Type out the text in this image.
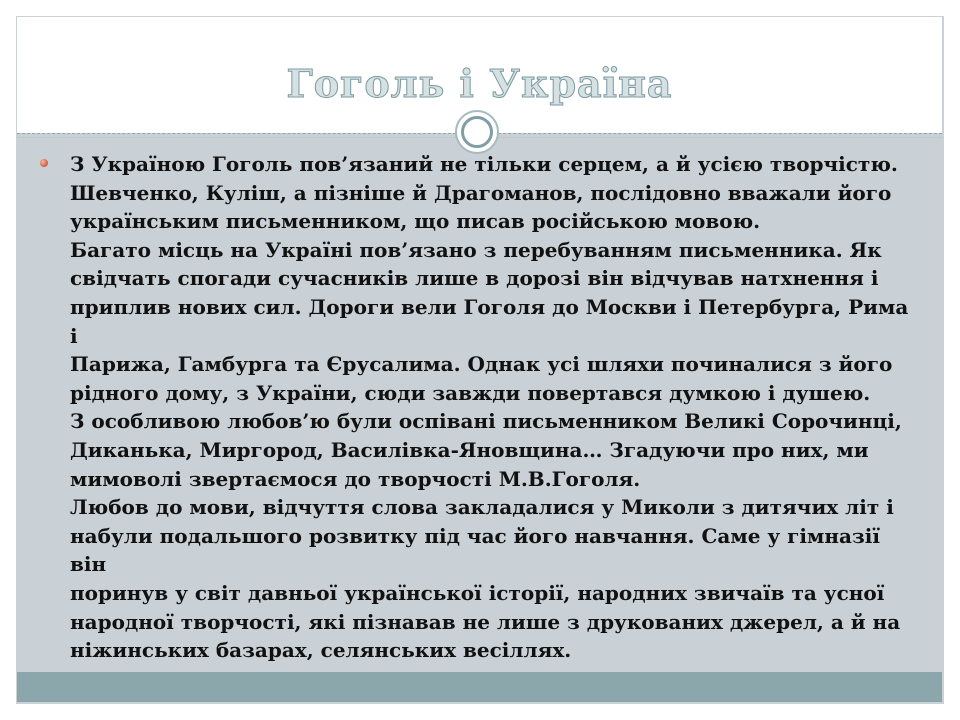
Гоголь і Україна

З Україною Гоголь пов’язаний не тільки серцем, а й усією творчістю.
Шевченко, Куліш, а пізніше й Драгоманов, послідовно вважали його
українським письменником, що писав російською мовою.
Багато місць на Україні пов’язано з перебуванням письменника. Як
свідчать спогади сучасників лише в дорозі він відчував натхнення і
приплив нових сил. Дороги вели Гоголя до Москви і Петербурга, Рима і
Парижа, Гамбурга та Єрусалима. Однак усі шляхи починалися з його
рідного дому, з України, сюди завжди повертався думкою і душею.
З особливою любов’ю були оспівані письменником Великі Сорочинці,
Диканька, Миргород, Василівка-Яновщина… Згадуючи про них, ми
мимоволі звертаємося до творчості М.В.Гоголя.
Любов до мови, відчуття слова закладалися у Миколи з дитячих літ і
набули подальшого розвитку під час його навчання. Саме у гімназії він
поринув у світ давньої української історії, народних звичаїв та усної
народної творчості, які пізнавав не лише з друкованих джерел, а й на
ніжинських базарах, селянських весіллях.
